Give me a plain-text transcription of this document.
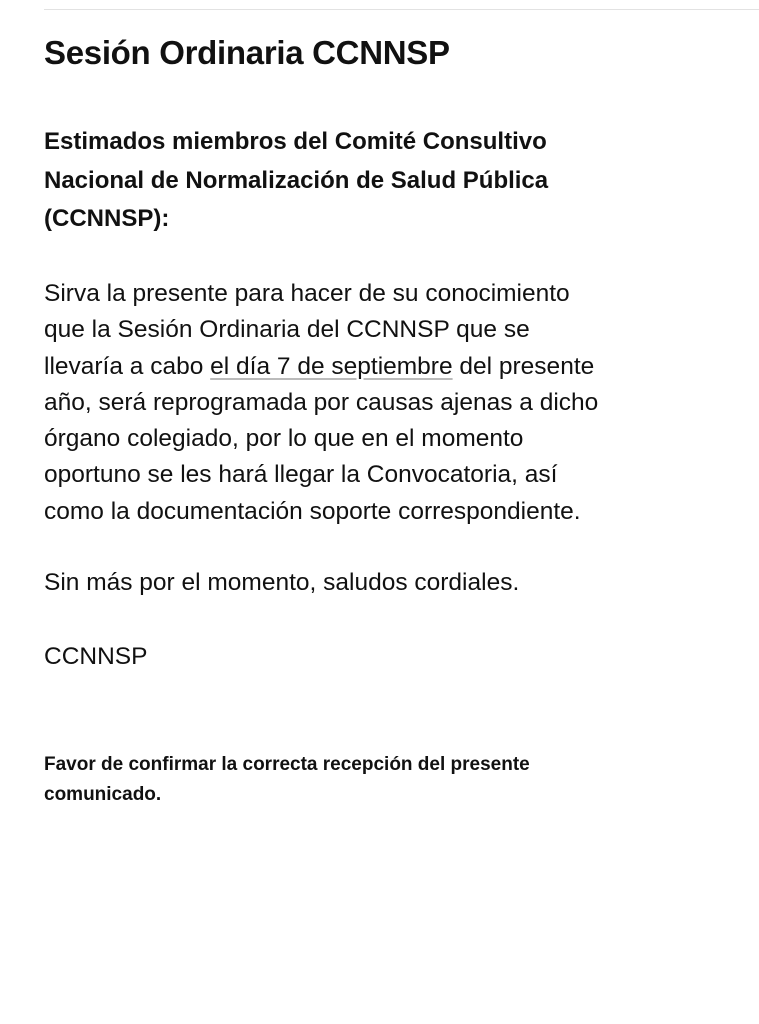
Sesión Ordinaria CCNNSP
Estimados miembros del Comité Consultivo
Nacional de Normalización de Salud Pública
(CCNNSP):
Sirva la presente para hacer de su conocimiento
que la Sesión Ordinaria del CCNNSP que se
llevaría a cabo el día 7 de septiembre del presente
año, será reprogramada por causas ajenas a dicho
órgano colegiado, por lo que en el momento
oportuno se les hará llegar la Convocatoria, así
como la documentación soporte correspondiente.
Sin más por el momento, saludos cordiales.
CCNNSP
Favor de confirmar la correcta recepción del presente
comunicado.
